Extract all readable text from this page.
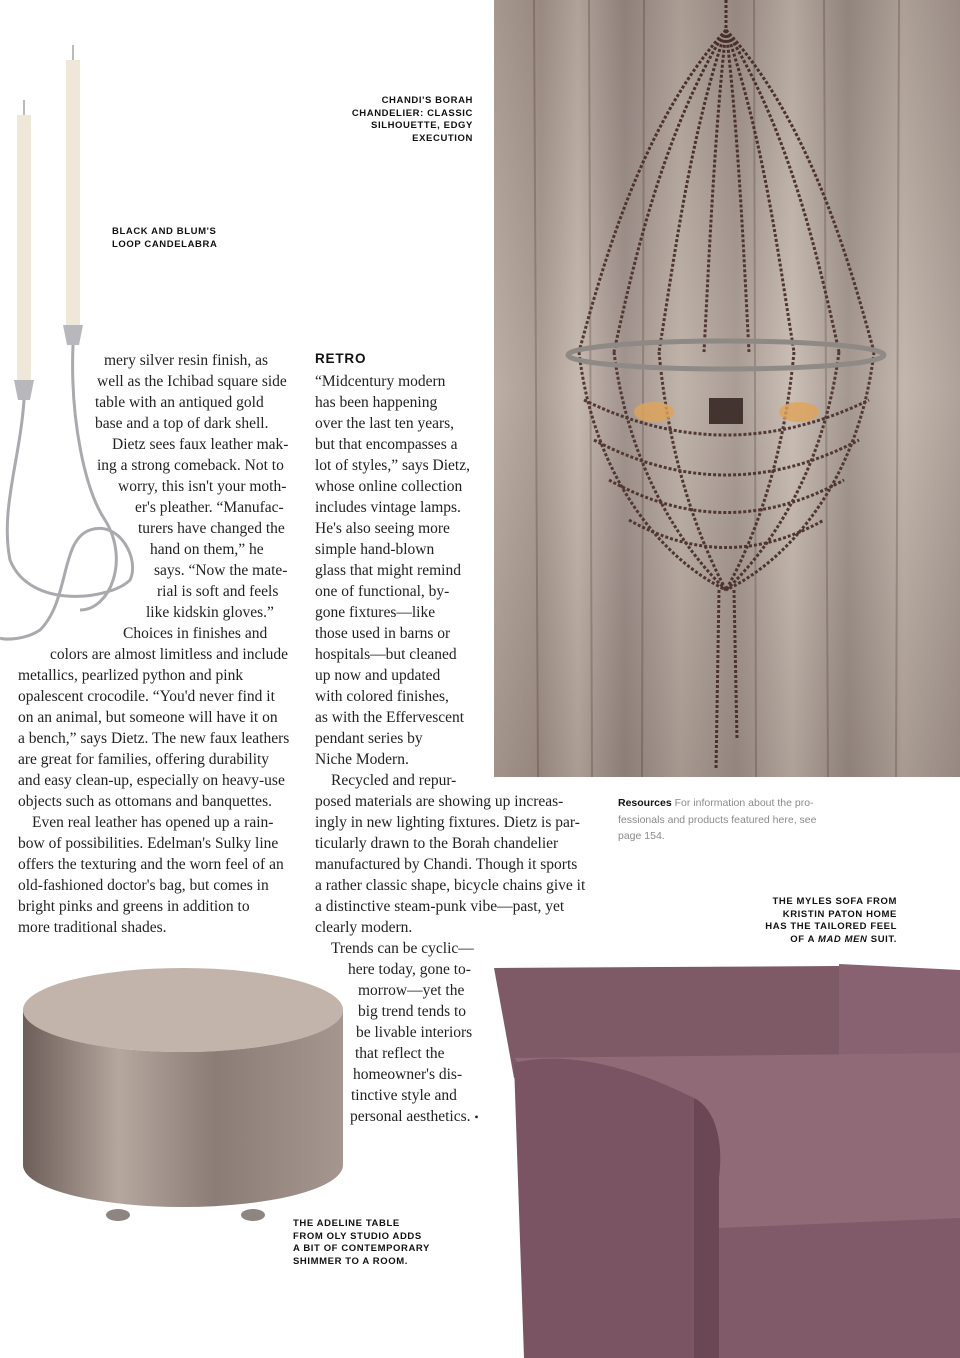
CHANDI'S BORAH
CHANDELIER: CLASSIC
SILHOUETTE, EDGY
EXECUTION
BLACK AND BLUM'S
LOOP CANDELABRA
THE MYLES SOFA FROM
KRISTIN PATON HOME
HAS THE TAILORED FEEL
OF A MAD MEN SUIT.
THE ADELINE TABLE
FROM OLY STUDIO ADDS
A BIT OF CONTEMPORARY
SHIMMER TO A ROOM.
mery silver resin finish, as
well as the Ichibad square side
table with an antiqued gold
base and a top of dark shell.
Dietz sees faux leather mak-
ing a strong comeback. Not to
worry, this isn't your moth-
er's pleather. “Manufac-
turers have changed the
hand on them,” he
says. “Now the mate-
rial is soft and feels
like kidskin gloves.”
Choices in finishes and
colors are almost limitless and include
metallics, pearlized python and pink
opalescent crocodile. “You'd never find it
on an animal, but someone will have it on
a bench,” says Dietz. The new faux leathers
are great for families, offering durability
and easy clean-up, especially on heavy-use
objects such as ottomans and banquettes.
Even real leather has opened up a rain-
bow of possibilities. Edelman's Sulky line
offers the texturing and the worn feel of an
old-fashioned doctor's bag, but comes in
bright pinks and greens in addition to
more traditional shades.
RETRO
“Midcentury modern
has been happening
over the last ten years,
but that encompasses a
lot of styles,” says Dietz,
whose online collection
includes vintage lamps.
He's also seeing more
simple hand-blown
glass that might remind
one of functional, by-
gone fixtures—like
those used in barns or
hospitals—but cleaned
up now and updated
with colored finishes,
as with the Effervescent
pendant series by
Niche Modern.
Recycled and repur-
posed materials are showing up increas-
ingly in new lighting fixtures. Dietz is par-
ticularly drawn to the Borah chandelier
manufactured by Chandi. Though it sports
a rather classic shape, bicycle chains give it
a distinctive steam-punk vibe—past, yet
clearly modern.
Trends can be cyclic—
here today, gone to-
morrow—yet the
big trend tends to
be livable interiors
that reflect the
homeowner's dis-
tinctive style and
personal aesthetics. •
Resources For information about the pro-
fessionals and products featured here, see
page 154.
